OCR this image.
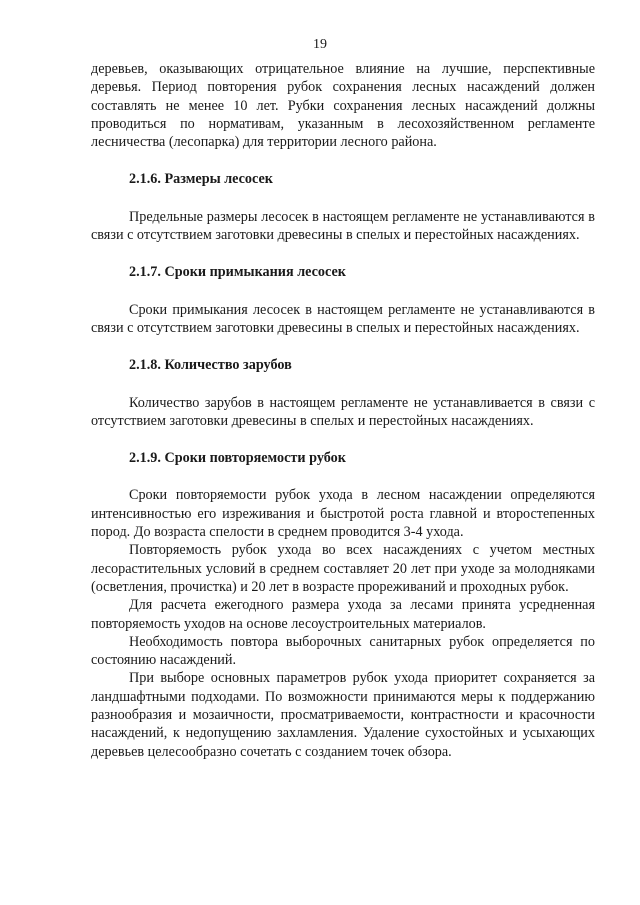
19

деревьев, оказывающих отрицательное влияние на лучшие, перспективные деревья. Период повторения рубок сохранения лесных насаждений должен составлять не менее 10 лет. Рубки сохранения лесных насаждений должны проводиться по нормативам, указанным в лесохозяйственном регламенте лесничества (лесопарка) для территории лесного района.

2.1.6. Размеры лесосек

Предельные размеры лесосек в настоящем регламенте не устанавливаются в связи с отсутствием заготовки древесины в спелых и перестойных насаждениях.

2.1.7. Сроки примыкания лесосек

Сроки примыкания лесосек в настоящем регламенте не устанавливаются в связи с отсутствием заготовки древесины в спелых и перестойных насаждениях.

2.1.8. Количество зарубов

Количество зарубов в настоящем регламенте не устанавливается в связи с отсутствием заготовки древесины в спелых и перестойных насаждениях.

2.1.9. Сроки повторяемости рубок

Сроки повторяемости рубок ухода в лесном насаждении определяются интенсивностью его изреживания и быстротой роста главной и второстепенных пород. До возраста спелости в среднем проводится 3-4 ухода.

Повторяемость рубок ухода во всех насаждениях с учетом местных лесорастительных условий в среднем составляет 20 лет при уходе за молодняками (осветления, прочистка) и 20 лет в возрасте прореживаний и проходных рубок.

Для расчета ежегодного размера ухода за лесами принята усредненная повторяемость уходов на основе лесоустроительных материалов.

Необходимость повтора выборочных санитарных рубок определяется по состоянию насаждений.

При выборе основных параметров рубок ухода приоритет сохраняется за ландшафтными подходами. По возможности принимаются меры к поддержанию разнообразия и мозаичности, просматриваемости, контрастности и красочности насаждений, к недопущению захламления. Удаление сухостойных и усыхающих деревьев целесообразно сочетать с созданием точек обзора.
